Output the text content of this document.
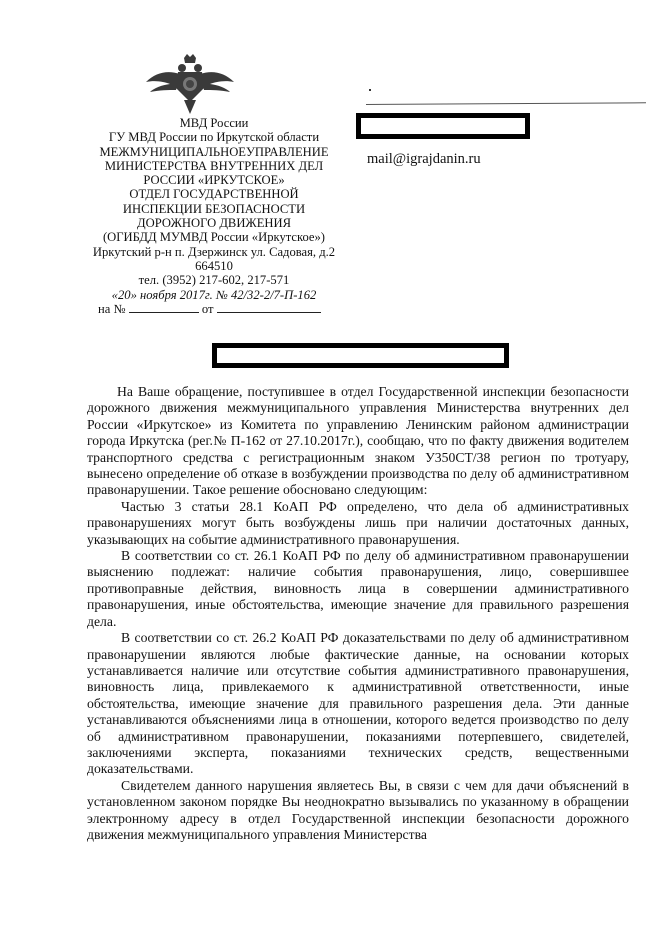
МВД России
ГУ МВД России по Иркутской области
МЕЖМУНИЦИПАЛЬНОЕУПРАВЛЕНИЕ
МИНИСТЕРСТВА ВНУТРЕННИХ ДЕЛ
РОССИИ «ИРКУТСКОЕ»
ОТДЕЛ ГОСУДАРСТВЕННОЙ
ИНСПЕКЦИИ БЕЗОПАСНОСТИ
ДОРОЖНОГО ДВИЖЕНИЯ
(ОГИБДД МУМВД России «Иркутское»)
Иркутский р-н п. Дзержинск ул. Садовая, д.2
664510
тел. (3952) 217-602, 217-571
«20» ноября 2017г. № 42/32-2/7-П-162
на №	от
mail@igrajdanin.ru

На Ваше обращение, поступившее в отдел Государственной инспекции безопасности дорожного движения межмуниципального управления Министерства внутренних дел России «Иркутское» из Комитета по управлению Ленинским районом администрации города Иркутска (рег.№ П-162 от 27.10.2017г.), сообщаю, что по факту движения водителем транспортного средства с регистрационным знаком У350СТ/38 регион по тротуару, вынесено определение об отказе в возбуждении производства по делу об административном правонарушении. Такое решение обосновано следующим:

Частью 3 статьи 28.1 КоАП РФ определено, что дела об административных правонарушениях могут быть возбуждены лишь при наличии достаточных данных, указывающих на событие административного правонарушения.

В соответствии со ст. 26.1 КоАП РФ по делу об административном правонарушении выяснению подлежат: наличие события правонарушения, лицо, совершившее противоправные действия, виновность лица в совершении административного правонарушения, иные обстоятельства, имеющие значение для правильного разрешения дела.

В соответствии со ст. 26.2 КоАП РФ доказательствами по делу об административном правонарушении являются любые фактические данные, на основании которых устанавливается наличие или отсутствие события административного правонарушения, виновность лица, привлекаемого к административной ответственности, иные обстоятельства, имеющие значение для правильного разрешения дела. Эти данные устанавливаются объяснениями лица в отношении, которого ведется производство по делу об административном правонарушении, показаниями потерпевшего, свидетелей, заключениями эксперта, показаниями технических средств, вещественными доказательствами.

Свидетелем данного нарушения являетесь Вы, в связи с чем для дачи объяснений в установленном законом порядке Вы неоднократно вызывались по указанному в обращении электронному адресу в отдел Государственной инспекции безопасности дорожного движения межмуниципального управления Министерства
